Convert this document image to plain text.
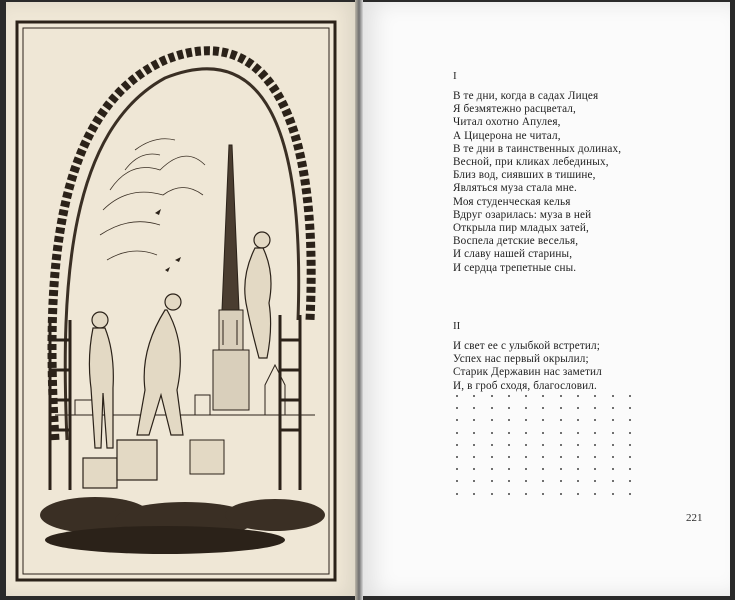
I
В те дни, когда в садах Лицея
Я безмятежно расцветал,
Читал охотно Апулея,
А Цицерона не читал,
В те дни в таинственных долинах,
Весной, при кликах лебединых,
Близ вод, сиявших в тишине,
Являться муза стала мне.
Моя студенческая келья
Вдруг озарилась: муза в ней
Открыла пир младых затей,
Воспела детские веселья,
И славу нашей старины,
И сердца трепетные сны.
II
И свет ее с улыбкой встретил;
Успех нас первый окрылил;
Старик Державин нас заметил
И, в гроб сходя, благословил.
221
